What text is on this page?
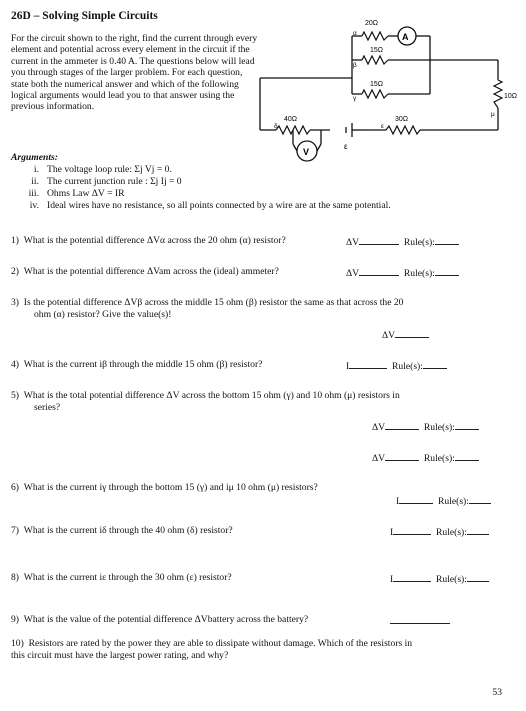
26D – Solving Simple Circuits
For the circuit shown to the right, find the current through every element and potential across every element in the circuit if the current in the ammeter is 0.40 A. The questions below will lead you through stages of the larger problem. For each question, state both the numerical answer and which of the following logical arguments would lead you to that answer using the previous information.
20Ω
α	A
15Ω
β
15Ω
γ	10Ω
μ
40Ω
δ
30Ω
ε
ε
V
Arguments:
i. The voltage loop rule: Σj Vj = 0.
ii. The current junction rule : Σj Ij = 0
iii. Ohms Law ΔV = IR
iv. Ideal wires have no resistance, so all points connected by a wire are at the same potential.
1) What is the potential difference ΔVα across the 20 ohm (α) resistor?	ΔV	Rule(s):
2) What is the potential difference ΔVam across the (ideal) ammeter?	ΔV	Rule(s):
3) Is the potential difference ΔVβ across the middle 15 ohm (β) resistor the same as that across the 20
ohm (α) resistor? Give the value(s)!
ΔV
4) What is the current iβ through the middle 15 ohm (β) resistor?	I	Rule(s):
5) What is the total potential difference ΔV across the bottom 15 ohm (γ) and 10 ohm (μ) resistors in
series?
ΔV	Rule(s):
ΔV	Rule(s):
6) What is the current iγ through the bottom 15 (γ) and iμ 10 ohm (μ) resistors?
I	Rule(s):
7) What is the current iδ through the 40 ohm (δ) resistor?	I	Rule(s):
8) What is the current iε through the 30 ohm (ε) resistor?	I	Rule(s):
9) What is the value of the potential difference ΔVbattery across the battery?
10) Resistors are rated by the power they are able to dissipate without damage. Which of the resistors in
this circuit must have the largest power rating, and why?
53
